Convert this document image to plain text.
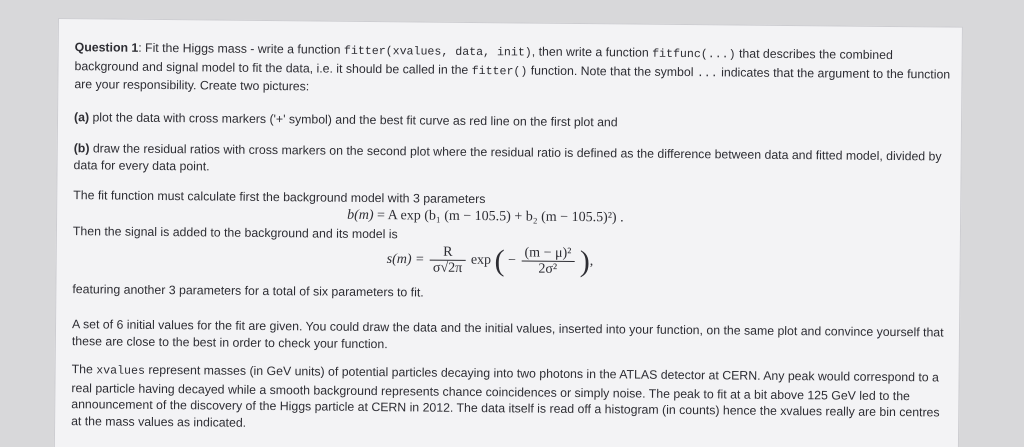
Question 1: Fit the Higgs mass - write a function fitter(xvalues, data, init), then write a function fitfunc(...) that describes the combined background and signal model to fit the data, i.e. it should be called in the fitter() function. Note that the symbol ... indicates that the argument to the function are your responsibility. Create two pictures:

(a) plot the data with cross markers ('+' symbol) and the best fit curve as red line on the first plot and

(b) draw the residual ratios with cross markers on the second plot where the residual ratio is defined as the difference between data and fitted model, divided by data for every data point.

The fit function must calculate first the background model with 3 parameters

b(m) = A exp (b₁ (m − 105.5) + b₂ (m − 105.5)²) .

Then the signal is added to the background and its model is

$s(m) = \frac{R}{\sigma√2\pi}$ exp ( − $\frac{\text{(m − μ)²}}{\text{2σ²}}$ ),

featuring another 3 parameters for a total of six parameters to fit.

A set of 6 initial values for the fit are given. You could draw the data and the initial values, inserted into your function, on the same plot and convince yourself that these are close to the best in order to check your function.

The xvalues represent masses (in GeV units) of potential particles decaying into two photons in the ATLAS detector at CERN. Any peak would correspond to a real particle having decayed while a smooth background represents chance coincidences or simply noise. The peak to fit at a bit above 125 GeV led to the announcement of the discovery of the Higgs particle at CERN in 2012. The data itself is read off a histogram (in counts) hence the xvalues really are bin centres at the mass values as indicated.
